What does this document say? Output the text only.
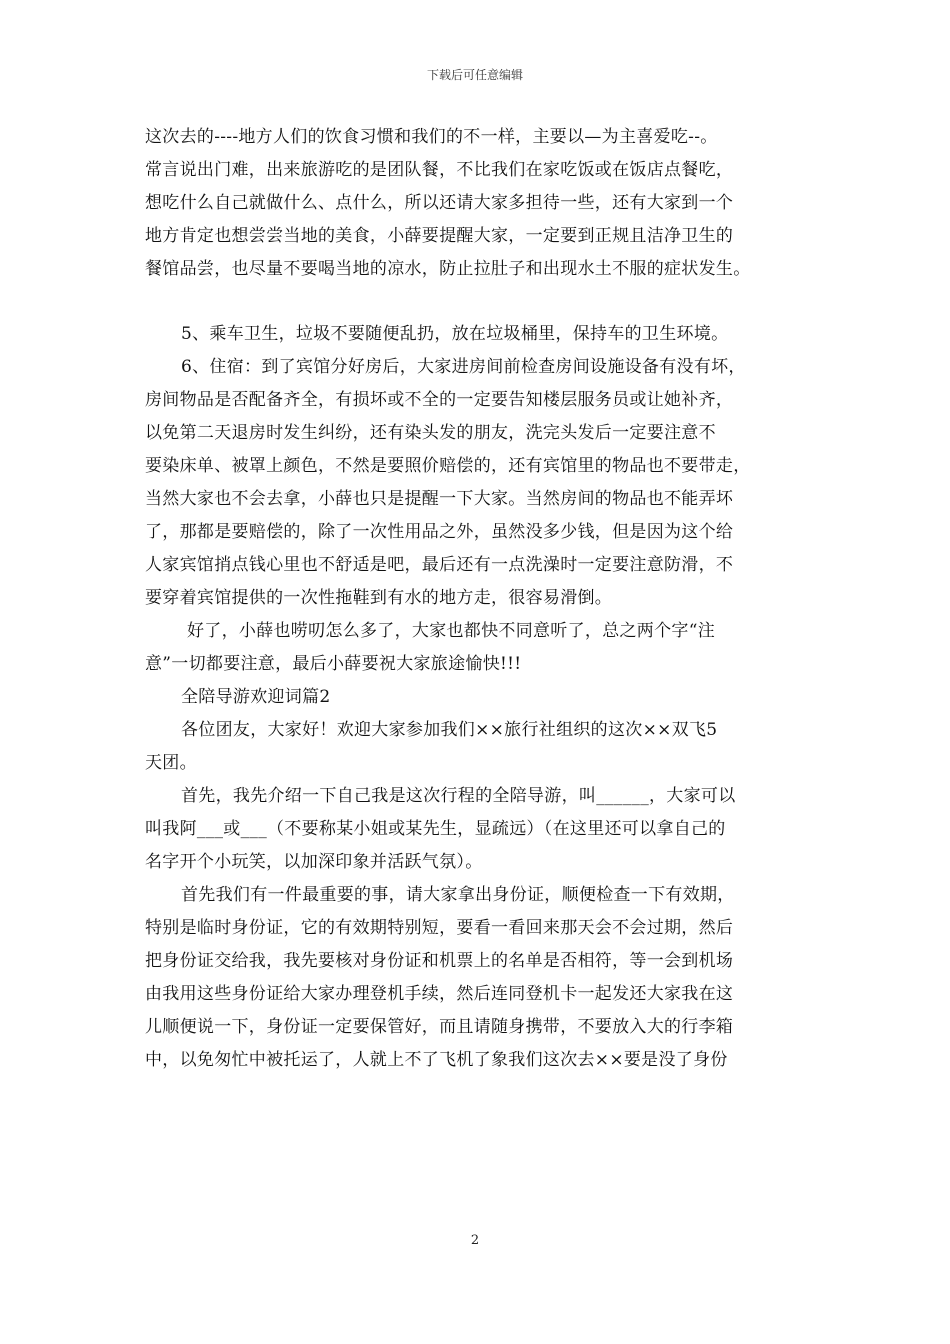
下载后可任意编辑
这次去的----地方人们的饮食习惯和我们的不一样，主要以—为主喜爱吃--。
常言说出门难，出来旅游吃的是团队餐，不比我们在家吃饭或在饭店点餐吃，
想吃什么自己就做什么、点什么，所以还请大家多担待一些，还有大家到一个
地方肯定也想尝尝当地的美食，小薛要提醒大家，一定要到正规且洁净卫生的
餐馆品尝，也尽量不要喝当地的凉水，防止拉肚子和出现水土不服的症状发生。
5、乘车卫生，垃圾不要随便乱扔，放在垃圾桶里，保持车的卫生环境。
6、住宿：到了宾馆分好房后，大家进房间前检查房间设施设备有没有坏，
房间物品是否配备齐全，有损坏或不全的一定要告知楼层服务员或让她补齐，
以免第二天退房时发生纠纷，还有染头发的朋友，洗完头发后一定要注意不
要染床单、被罩上颜色，不然是要照价赔偿的，还有宾馆里的物品也不要带走，
当然大家也不会去拿，小薛也只是提醒一下大家。当然房间的物品也不能弄坏
了，那都是要赔偿的，除了一次性用品之外，虽然没多少钱，但是因为这个给
人家宾馆捎点钱心里也不舒适是吧，最后还有一点洗澡时一定要注意防滑，不
要穿着宾馆提供的一次性拖鞋到有水的地方走，很容易滑倒。
好了，小薛也唠叨怎么多了，大家也都快不同意听了，总之两个字“注
意”一切都要注意，最后小薛要祝大家旅途愉快!!!
全陪导游欢迎词篇2
各位团友，大家好！欢迎大家参加我们××旅行社组织的这次××双飞5
天团。
首先，我先介绍一下自己我是这次行程的全陪导游，叫______，大家可以
叫我阿___或___（不要称某小姐或某先生，显疏远）（在这里还可以拿自己的
名字开个小玩笑，以加深印象并活跃气氛）。
首先我们有一件最重要的事，请大家拿出身份证，顺便检查一下有效期，
特别是临时身份证，它的有效期特别短，要看一看回来那天会不会过期，然后
把身份证交给我，我先要核对身份证和机票上的名单是否相符，等一会到机场
由我用这些身份证给大家办理登机手续，然后连同登机卡一起发还大家我在这
儿顺便说一下，身份证一定要保管好，而且请随身携带，不要放入大的行李箱
中，以免匆忙中被托运了，人就上不了飞机了象我们这次去××要是没了身份
2
